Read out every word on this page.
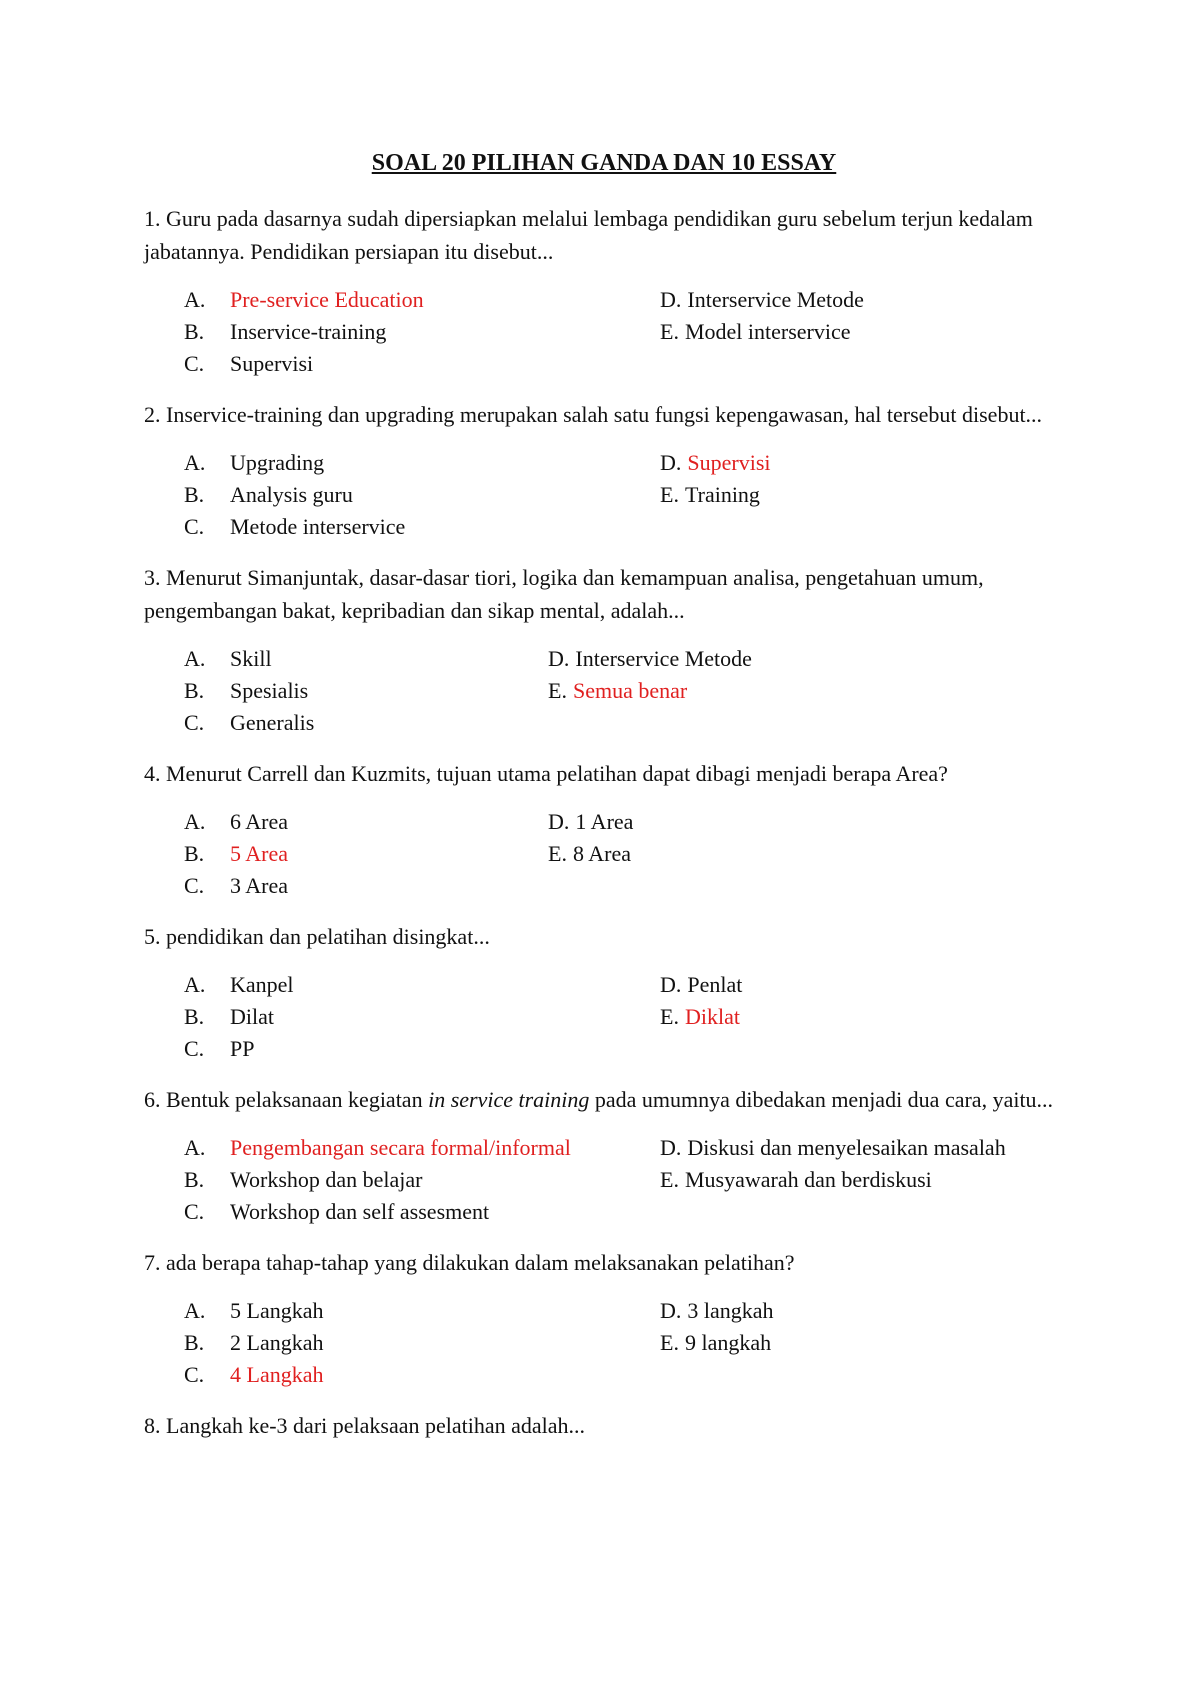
SOAL 20 PILIHAN GANDA DAN 10 ESSAY

1. Guru pada dasarnya sudah dipersiapkan melalui lembaga pendidikan guru sebelum terjun kedalam jabatannya. Pendidikan persiapan itu disebut...

A.	Pre-service Education
B.	Inservice-training
C.	Supervisi
D. Interservice Metode
E. Model interservice

2. Inservice-training dan upgrading merupakan salah satu fungsi kepengawasan, hal tersebut disebut...

A.	Upgrading
B.	Analysis guru
C.	Metode interservice
D. Supervisi
E. Training

3. Menurut Simanjuntak, dasar-dasar tiori, logika dan kemampuan analisa, pengetahuan umum, pengembangan bakat, kepribadian dan sikap mental, adalah...

A.	Skill
B.	Spesialis
C.	Generalis
D. Interservice Metode
E. Semua benar

4. Menurut Carrell dan Kuzmits, tujuan utama pelatihan dapat dibagi menjadi berapa Area?

A.	6 Area
B.	5 Area
C.	3 Area
D. 1 Area
E. 8 Area

5. pendidikan dan pelatihan disingkat...

A.	Kanpel
B.	Dilat
C.	PP
D. Penlat
E. Diklat

6. Bentuk pelaksanaan kegiatan in service training pada umumnya dibedakan menjadi dua cara, yaitu...

A.	Pengembangan secara formal/informal
B.	Workshop dan belajar
C.	Workshop dan self assesment
D. Diskusi dan menyelesaikan masalah
E. Musyawarah dan berdiskusi

7. ada berapa tahap-tahap yang dilakukan dalam melaksanakan pelatihan?

A.	5 Langkah
B.	2 Langkah
C.	4 Langkah
D. 3 langkah
E. 9 langkah

8. Langkah ke-3 dari pelaksaan pelatihan adalah...
